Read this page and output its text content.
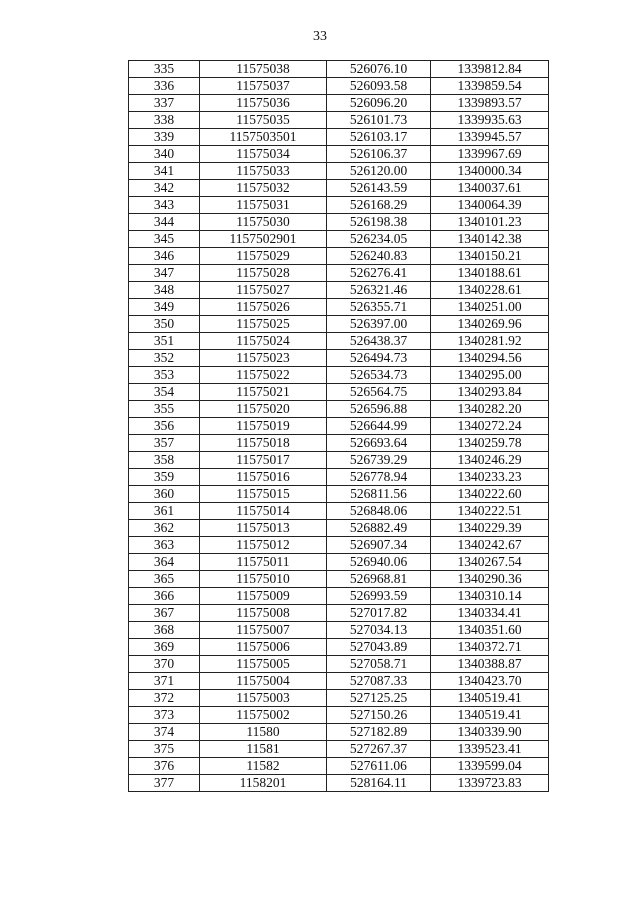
33
335	11575038	526076.10	1339812.84
336	11575037	526093.58	1339859.54
337	11575036	526096.20	1339893.57
338	11575035	526101.73	1339935.63
339	1157503501	526103.17	1339945.57
340	11575034	526106.37	1339967.69
341	11575033	526120.00	1340000.34
342	11575032	526143.59	1340037.61
343	11575031	526168.29	1340064.39
344	11575030	526198.38	1340101.23
345	1157502901	526234.05	1340142.38
346	11575029	526240.83	1340150.21
347	11575028	526276.41	1340188.61
348	11575027	526321.46	1340228.61
349	11575026	526355.71	1340251.00
350	11575025	526397.00	1340269.96
351	11575024	526438.37	1340281.92
352	11575023	526494.73	1340294.56
353	11575022	526534.73	1340295.00
354	11575021	526564.75	1340293.84
355	11575020	526596.88	1340282.20
356	11575019	526644.99	1340272.24
357	11575018	526693.64	1340259.78
358	11575017	526739.29	1340246.29
359	11575016	526778.94	1340233.23
360	11575015	526811.56	1340222.60
361	11575014	526848.06	1340222.51
362	11575013	526882.49	1340229.39
363	11575012	526907.34	1340242.67
364	11575011	526940.06	1340267.54
365	11575010	526968.81	1340290.36
366	11575009	526993.59	1340310.14
367	11575008	527017.82	1340334.41
368	11575007	527034.13	1340351.60
369	11575006	527043.89	1340372.71
370	11575005	527058.71	1340388.87
371	11575004	527087.33	1340423.70
372	11575003	527125.25	1340519.41
373	11575002	527150.26	1340519.41
374	11580	527182.89	1340339.90
375	11581	527267.37	1339523.41
376	11582	527611.06	1339599.04
377	1158201	528164.11	1339723.83
